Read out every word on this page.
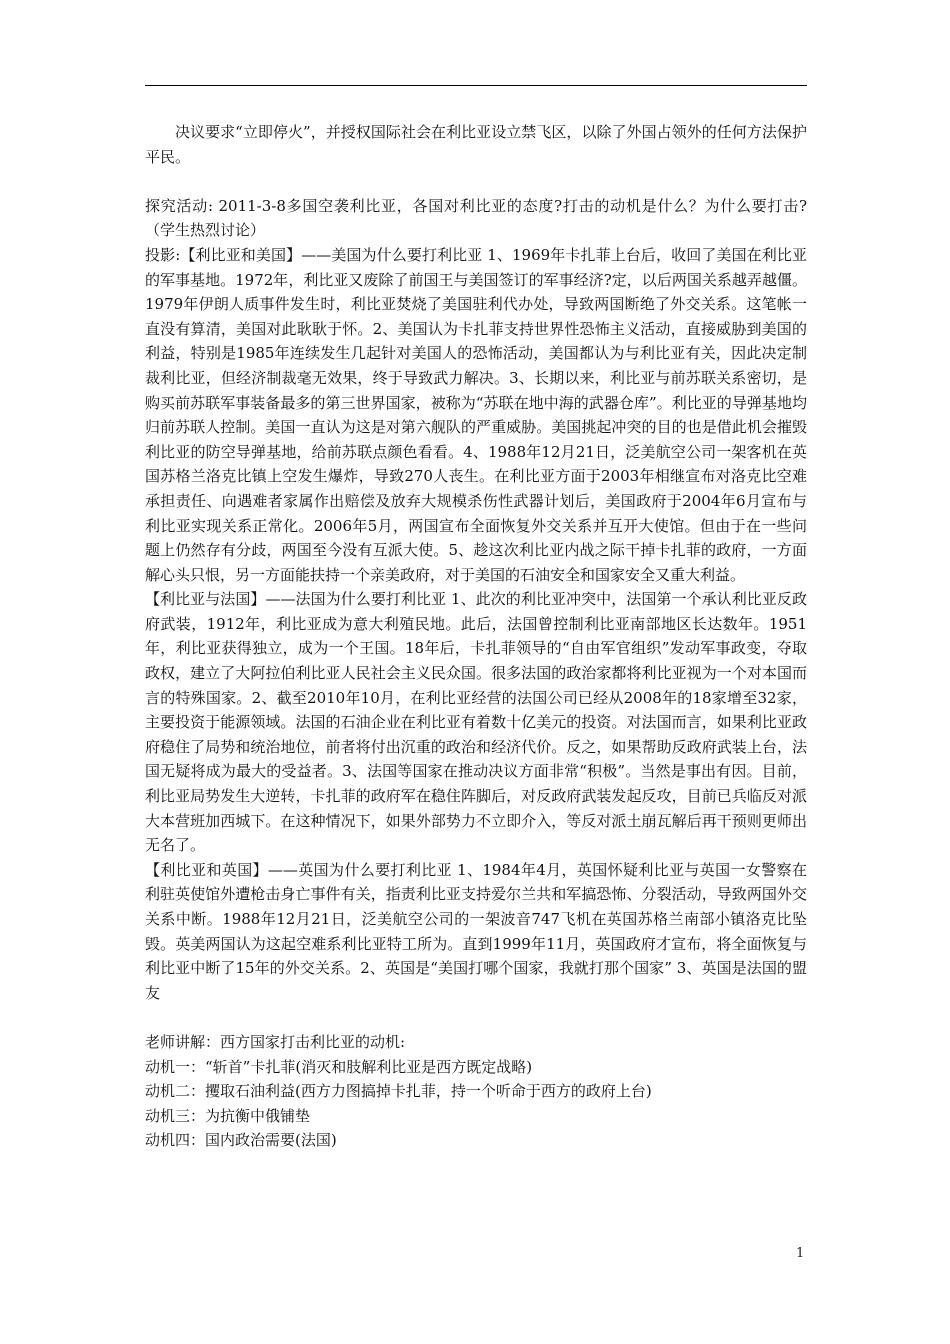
决议要求“立即停火”，并授权国际社会在利比亚设立禁飞区，以除了外国占领外的任何方法保护平民。

探究活动: 2011-3-8多国空袭利比亚，各国对利比亚的态度?打击的动机是什么？为什么要打击?（学生热烈讨论）

投影:【利比亚和美国】——美国为什么要打利比亚 1、1969年卡扎菲上台后，收回了美国在利比亚的军事基地。1972年，利比亚又废除了前国王与美国签订的军事经济?定，以后两国关系越弄越僵。1979年伊朗人质事件发生时，利比亚焚烧了美国驻利代办处，导致两国断绝了外交关系。这笔帐一直没有算清，美国对此耿耿于怀。2、美国认为卡扎菲支持世界性恐怖主义活动，直接威胁到美国的利益，特别是1985年连续发生几起针对美国人的恐怖活动，美国都认为与利比亚有关，因此决定制裁利比亚，但经济制裁毫无效果，终于导致武力解决。3、长期以来，利比亚与前苏联关系密切，是购买前苏联军事装备最多的第三世界国家，被称为“苏联在地中海的武器仓库”。利比亚的导弹基地均归前苏联人控制。美国一直认为这是对第六舰队的严重威胁。美国挑起冲突的目的也是借此机会摧毁利比亚的防空导弹基地，给前苏联点颜色看看。4、1988年12月21日，泛美航空公司一架客机在英国苏格兰洛克比镇上空发生爆炸，导致270人丧生。在利比亚方面于2003年相继宣布对洛克比空难承担责任、向遇难者家属作出赔偿及放弃大规模杀伤性武器计划后，美国政府于2004年6月宣布与利比亚实现关系正常化。2006年5月，两国宣布全面恢复外交关系并互开大使馆。但由于在一些问题上仍然存有分歧，两国至今没有互派大使。5、趁这次利比亚内战之际干掉卡扎菲的政府，一方面解心头只恨，另一方面能扶持一个亲美政府，对于美国的石油安全和国家安全又重大利益。

【利比亚与法国】——法国为什么要打利比亚 1、此次的利比亚冲突中，法国第一个承认利比亚反政府武装，1912年，利比亚成为意大利殖民地。此后，法国曾控制利比亚南部地区长达数年。1951年，利比亚获得独立，成为一个王国。18年后，卡扎菲领导的“自由军官组织”发动军事政变，夺取政权，建立了大阿拉伯利比亚人民社会主义民众国。很多法国的政治家都将利比亚视为一个对本国而言的特殊国家。2、截至2010年10月，在利比亚经营的法国公司已经从2008年的18家增至32家，主要投资于能源领域。法国的石油企业在利比亚有着数十亿美元的投资。对法国而言，如果利比亚政府稳住了局势和统治地位，前者将付出沉重的政治和经济代价。反之，如果帮助反政府武装上台，法国无疑将成为最大的受益者。3、法国等国家在推动决议方面非常“积极”。当然是事出有因。目前，利比亚局势发生大逆转，卡扎菲的政府军在稳住阵脚后，对反政府武装发起反攻，目前已兵临反对派大本营班加西城下。在这种情况下，如果外部势力不立即介入，等反对派土崩瓦解后再干预则更师出无名了。

【利比亚和英国】——英国为什么要打利比亚 1、1984年4月，英国怀疑利比亚与英国一女警察在利驻英使馆外遭枪击身亡事件有关，指责利比亚支持爱尔兰共和军搞恐怖、分裂活动，导致两国外交关系中断。1988年12月21日，泛美航空公司的一架波音747飞机在英国苏格兰南部小镇洛克比坠毁。英美两国认为这起空难系利比亚特工所为。直到1999年11月，英国政府才宣布，将全面恢复与利比亚中断了15年的外交关系。2、英国是“美国打哪个国家，我就打那个国家” 3、英国是法国的盟友

老师讲解：西方国家打击利比亚的动机:

动机一：“斩首”卡扎菲(消灭和肢解利比亚是西方既定战略)

动机二：攫取石油利益(西方力图搞掉卡扎菲，持一个听命于西方的政府上台)

动机三：为抗衡中俄铺垫

动机四：国内政治需要(法国)

1
